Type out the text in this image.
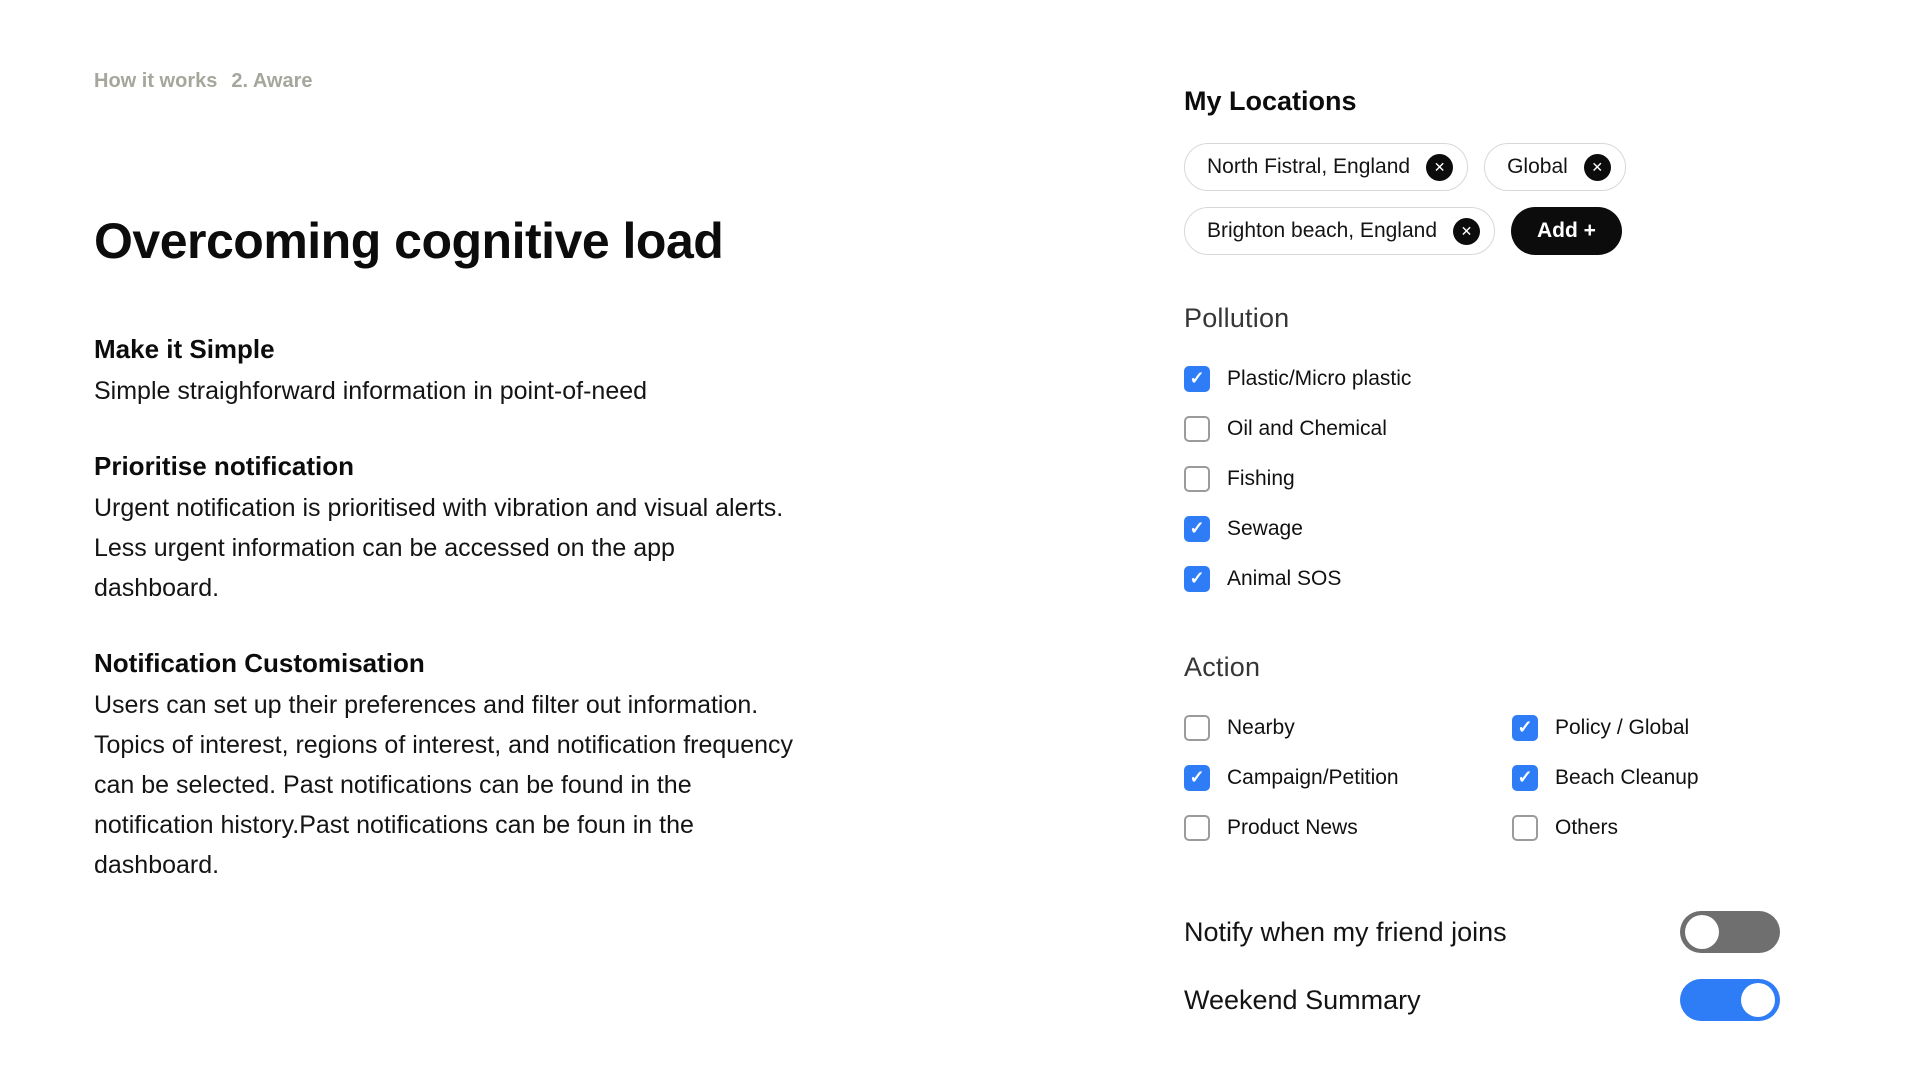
How it works 2. Aware
Overcoming cognitive load
Make it Simple

Simple straighforward information in point-of-need

Prioritise notification

Urgent notification is prioritised with vibration and visual alerts. Less urgent information can be accessed on the app dashboard.

Notification Customisation

Users can set up their preferences and filter out information. Topics of interest, regions of interest, and notification frequency can be selected. Past notifications can be found in the notification history.Past notifications can be foun in the dashboard.

My Locations
North Fistral, England	✕	Global	✕
Brighton beach, England	✕	Add +
Pollution
✓ Plastic/Micro plastic
Oil and Chemical
Fishing
✓ Sewage
✓ Animal SOS
Action
Nearby	✓ Policy / Global
✓ Campaign/Petition	✓ Beach Cleanup
Product News	Others
Notify when my friend joins
Weekend Summary
